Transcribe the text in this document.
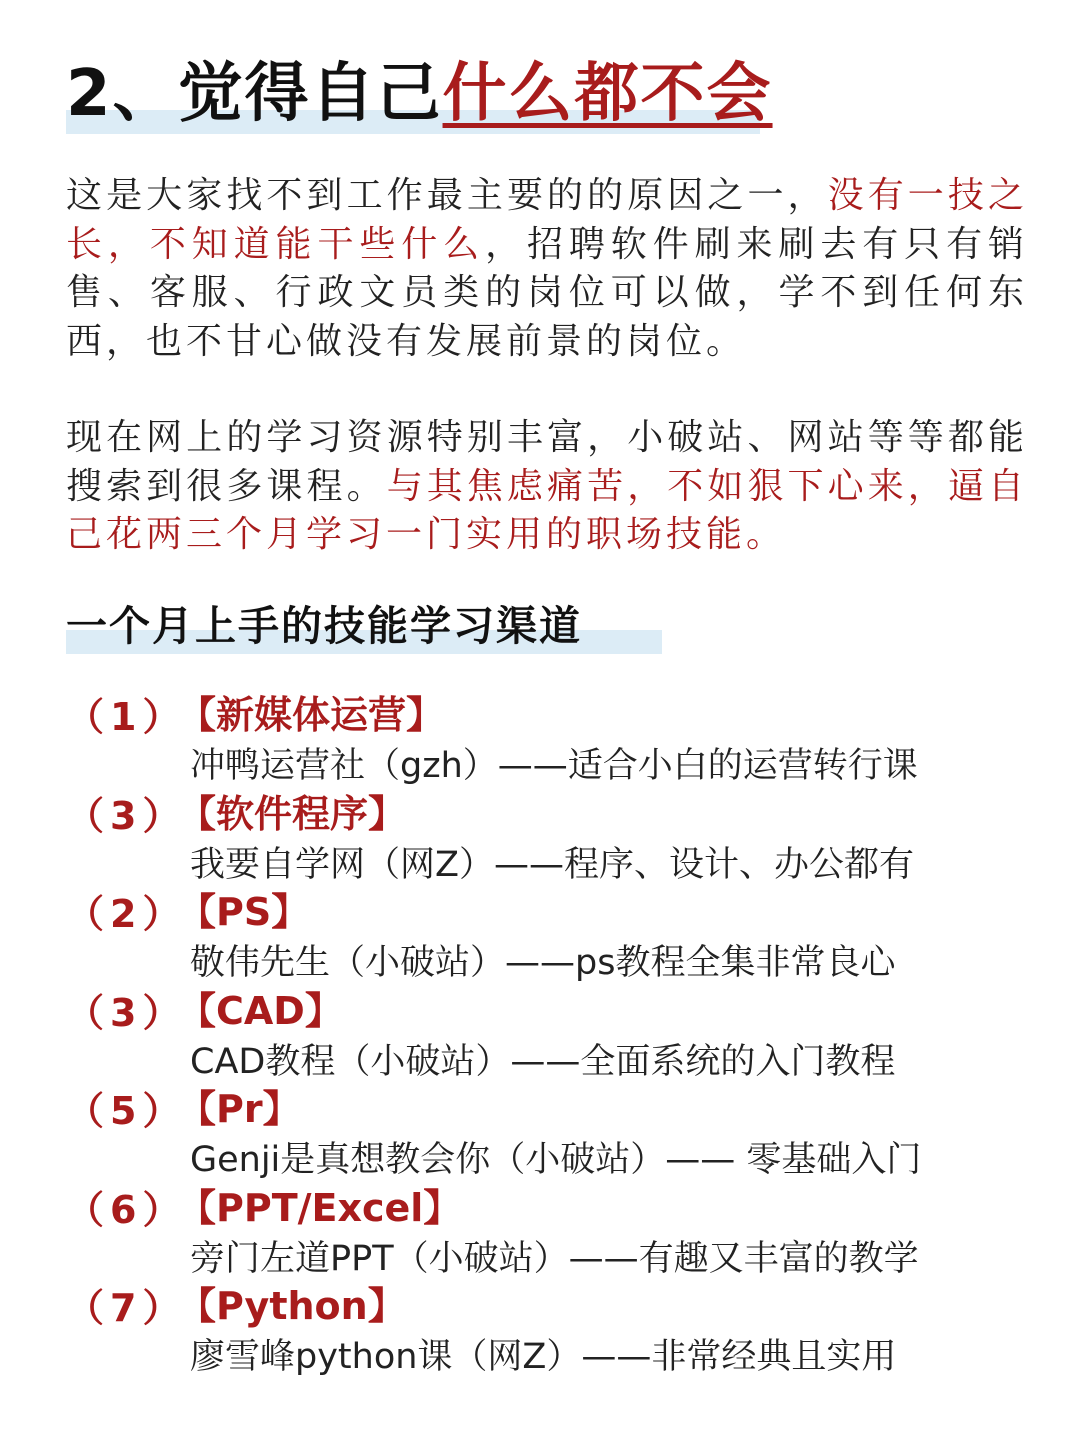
2、觉得自己什么都不会

这是大家找不到工作最主要的的原因之一，没有一技之长，不知道能干些什么，招聘软件刷来刷去有只有销售、客服、行政文员类的岗位可以做，学不到任何东西，也不甘心做没有发展前景的岗位。

现在网上的学习资源特别丰富，小破站、网站等等都能搜索到很多课程。与其焦虑痛苦，不如狠下心来，逼自己花两三个月学习一门实用的职场技能。

一个月上手的技能学习渠道
（1）
【新媒体运营】
冲鸭运营社（gzh）——适合小白的运营转行课
（3）
【软件程序】
我要自学网（网Z）——程序、设计、办公都有
（2）
【PS】
敬伟先生（小破站）——ps教程全集非常良心
（3）
【CAD】
CAD教程（小破站）——全面系统的入门教程
（5）
【Pr】
Genji是真想教会你（小破站）—— 零基础入门
（6）
【PPT/Excel】
旁门左道PPT（小破站）——有趣又丰富的教学
（7）
【Python】
廖雪峰python课（网Z）——非常经典且实用
